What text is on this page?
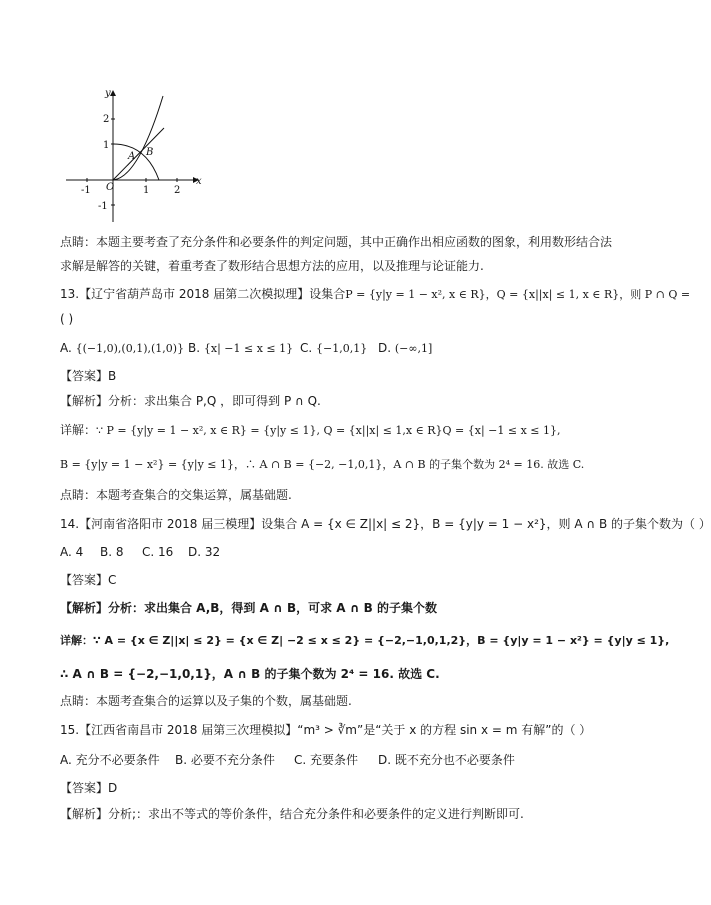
y
x
O
A B
2
1
-1
-1	1 2
点睛：本题主要考查了充分条件和必要条件的判定问题，其中正确作出相应函数的图象，利用数形结合法
求解是解答的关键，着重考查了数形结合思想方法的应用，以及推理与论证能力.
13.【辽宁省葫芦岛市 2018 届第二次模拟理】设集合P = {y|y = 1 − x², x ∈ R}，Q = {x||x| ≤ 1, x ∈ R}，则 P ∩ Q =
( )
A. {(−1,0),(0,1),(1,0)} B. {x| −1 ≤ x ≤ 1} C. {−1,0,1} D. (−∞,1]
【答案】B
【解析】分析：求出集合 P,Q ，即可得到 P ∩ Q.
详解：∵ P = {y|y = 1 − x², x ∈ R} = {y|y ≤ 1}, Q = {x||x| ≤ 1,x ∈ R}Q = {x| −1 ≤ x ≤ 1},
B = {y|y = 1 − x²} = {y|y ≤ 1}，∴ A ∩ B = {−2, −1,0,1}，A ∩ B 的子集个数为 2⁴ = 16. 故选 C.
点睛：本题考查集合的交集运算，属基础题.
14.【河南省洛阳市 2018 届三模理】设集合 A = {x ∈ Z||x| ≤ 2}，B = {y|y = 1 − x²}，则 A ∩ B 的子集个数为（ ）
A. 4 B. 8 C. 16 D. 32
【答案】C
【解析】分析：求出集合 A,B，得到 A ∩ B，可求 A ∩ B 的子集个数
详解：∵ A = {x ∈ Z||x| ≤ 2} = {x ∈ Z| −2 ≤ x ≤ 2} = {−2,−1,0,1,2}，B = {y|y = 1 − x²} = {y|y ≤ 1},
∴ A ∩ B = {−2,−1,0,1}，A ∩ B 的子集个数为 2⁴ = 16. 故选 C.
点睛：本题考查集合的运算以及子集的个数，属基础题.
15.【江西省南昌市 2018 届第三次理模拟】“m³ > ∛m”是“关于 x 的方程 sin x = m 有解”的（ ）
A. 充分不必要条件 B. 必要不充分条件 C. 充要条件 D. 既不充分也不必要条件
【答案】D
【解析】分析;：求出不等式的等价条件，结合充分条件和必要条件的定义进行判断即可.
